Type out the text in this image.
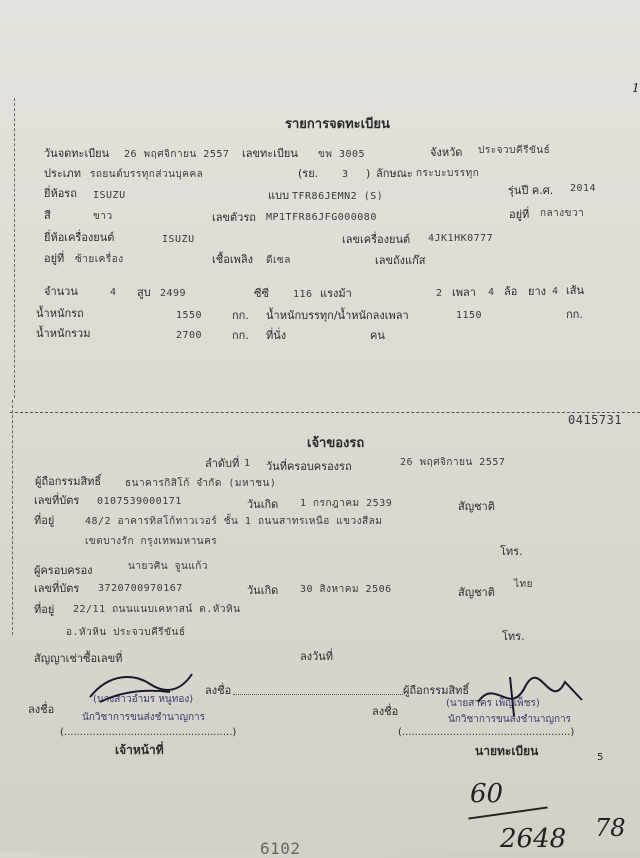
1
รายการจดทะเบียน
วันจดทะเบียน 26 พฤศจิกายน 2557 เลขทะเบียน ขพ 3005	จังหวัด ประจวบคีรีขันธ์
ประเภท รถยนต์บรรทุกส่วนบุคคล	(รย. 3 ) ลักษณะ กระบะบรรทุก
ยี่ห้อรถ ISUZU	แบบ TFR86JEMN2 (S)	รุ่นปี ค.ศ. 2014
สี	ขาว	เลขตัวรถ MP1TFR86JFG000080	อยู่ที่ กลางขวา
ยี่ห้อเครื่องยนต์	ISUZU	เลขเครื่องยนต์ 4JK1HK0777
อยู่ที่ ซ้ายเครื่อง	เชื้อเพลิง ดีเซล	เลขถังแก๊ส
จำนวน	4 สูบ 2499	ซีซี 116 แรงม้า	2 เพลา 4 ล้อ ยาง 4 เส้น
น้ำหนักรถ	1550	กก. น้ำหนักบรรทุก/น้ำหนักลงเพลา	1150	กก.
น้ำหนักรวม	2700	กก. ที่นั่ง	คน
0415731
เจ้าของรถ
ลำดับที่ 1 วันที่ครอบครองรถ	26 พฤศจิกายน 2557
ผู้ถือกรรมสิทธิ์ ธนาคารกิสิโก้ จำกัด (มหาชน)
เลขที่บัตร 0107539000171	วันเกิด 1 กรกฎาคม 2539	สัญชาติ
ที่อยู่	48/2 อาคารทิสโก้ทาวเวอร์ ชั้น 1 ถนนสาทรเหนือ แขวงสีลม
เขตบางรัก กรุงเทพมหานคร
โทร.
ผู้ครอบครอง	นายวศิน จูนแก้ว
เลขที่บัตร 3720700970167	วันเกิด 30 สิงหาคม 2506	สัญชาติ
ไทย
ที่อยู่ 22/11 ถนนแนบเคหาสน์ ต.หัวหิน
อ.หัวหิน ประจวบคีรีขันธ์	โทร.
สัญญาเช่าซื้อเลขที่	ลงวันที่
ลงชื่อ	ผู้ถือกรรมสิทธิ์
ลงชื่อ	ลงชื่อ
(นางสาวอำมร หนูทอง)
นักวิชาการขนส่งชำนาญการ
(.....................................................)
(นายสาคร เพ็ญเพ็ชร)
นักวิชาการขนส่งชำนาญการ
(.....................................................)
เจ้าหน้าที่	นายทะเบียน	5
60
2648 78
6102
